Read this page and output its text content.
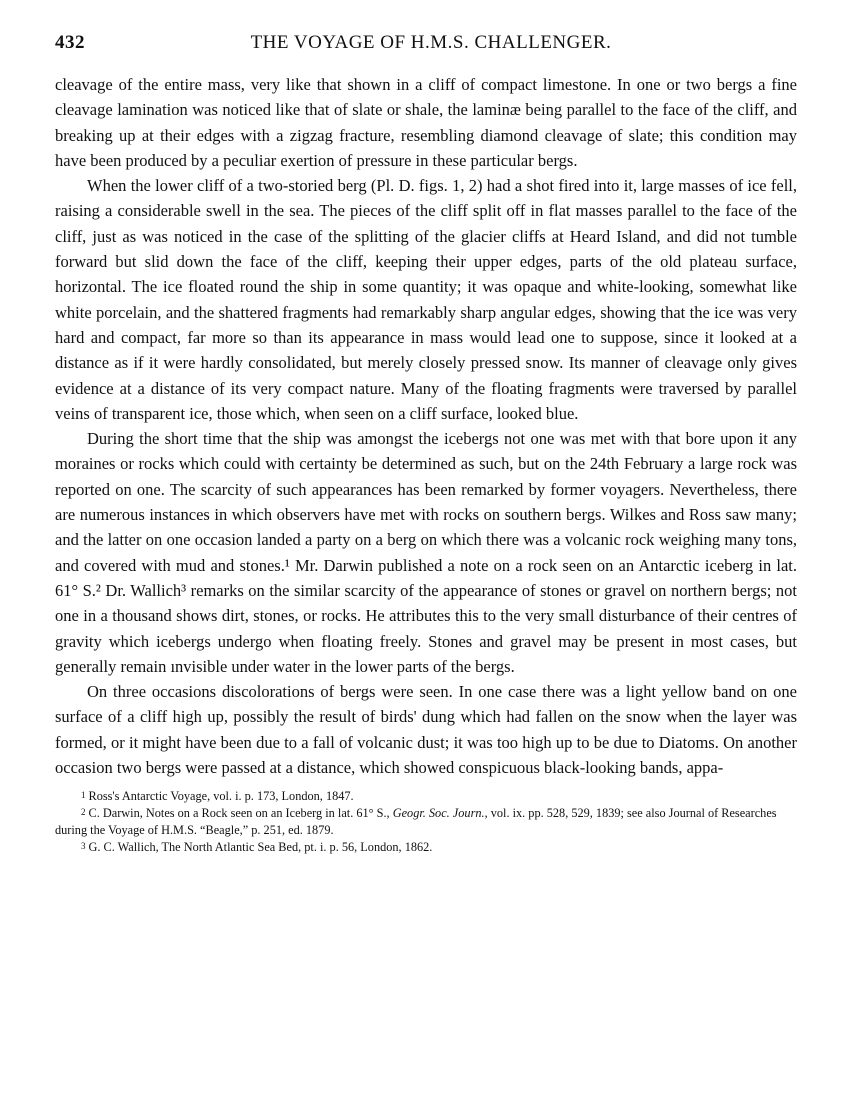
432	THE VOYAGE OF H.M.S. CHALLENGER.

cleavage of the entire mass, very like that shown in a cliff of compact limestone. In one or two bergs a fine cleavage lamination was noticed like that of slate or shale, the laminæ being parallel to the face of the cliff, and breaking up at their edges with a zigzag fracture, resembling diamond cleavage of slate; this condition may have been produced by a peculiar exertion of pressure in these particular bergs.

When the lower cliff of a two-storied berg (Pl. D. figs. 1, 2) had a shot fired into it, large masses of ice fell, raising a considerable swell in the sea. The pieces of the cliff split off in flat masses parallel to the face of the cliff, just as was noticed in the case of the splitting of the glacier cliffs at Heard Island, and did not tumble forward but slid down the face of the cliff, keeping their upper edges, parts of the old plateau surface, horizontal. The ice floated round the ship in some quantity; it was opaque and white-looking, somewhat like white porcelain, and the shattered fragments had remarkably sharp angular edges, showing that the ice was very hard and compact, far more so than its appearance in mass would lead one to suppose, since it looked at a distance as if it were hardly consolidated, but merely closely pressed snow. Its manner of cleavage only gives evidence at a distance of its very compact nature. Many of the floating fragments were traversed by parallel veins of transparent ice, those which, when seen on a cliff surface, looked blue.

During the short time that the ship was amongst the icebergs not one was met with that bore upon it any moraines or rocks which could with certainty be determined as such, but on the 24th February a large rock was reported on one. The scarcity of such appearances has been remarked by former voyagers. Nevertheless, there are numerous instances in which observers have met with rocks on southern bergs. Wilkes and Ross saw many; and the latter on one occasion landed a party on a berg on which there was a volcanic rock weighing many tons, and covered with mud and stones.¹ Mr. Darwin published a note on a rock seen on an Antarctic iceberg in lat. 61° S.² Dr. Wallich³ remarks on the similar scarcity of the appearance of stones or gravel on northern bergs; not one in a thousand shows dirt, stones, or rocks. He attributes this to the very small disturbance of their centres of gravity which icebergs undergo when floating freely. Stones and gravel may be present in most cases, but generally remain ınvisible under water in the lower parts of the bergs.

On three occasions discolorations of bergs were seen. In one case there was a light yellow band on one surface of a cliff high up, possibly the result of birds' dung which had fallen on the snow when the layer was formed, or it might have been due to a fall of volcanic dust; it was too high up to be due to Diatoms. On another occasion two bergs were passed at a distance, which showed conspicuous black-looking bands, appa-

$^1$ Ross's Antarctic Voyage, vol. i. p. 173, London, 1847.
$^2$ C. Darwin, Notes on a Rock seen on an Iceberg in lat. 61° S., Geogr. Soc. Journ., vol. ix. pp. 528, 529, 1839; see also Journal of Researches during the Voyage of H.M.S. “Beagle,” p. 251, ed. 1879.
$^3$ G. C. Wallich, The North Atlantic Sea Bed, pt. i. p. 56, London, 1862.
